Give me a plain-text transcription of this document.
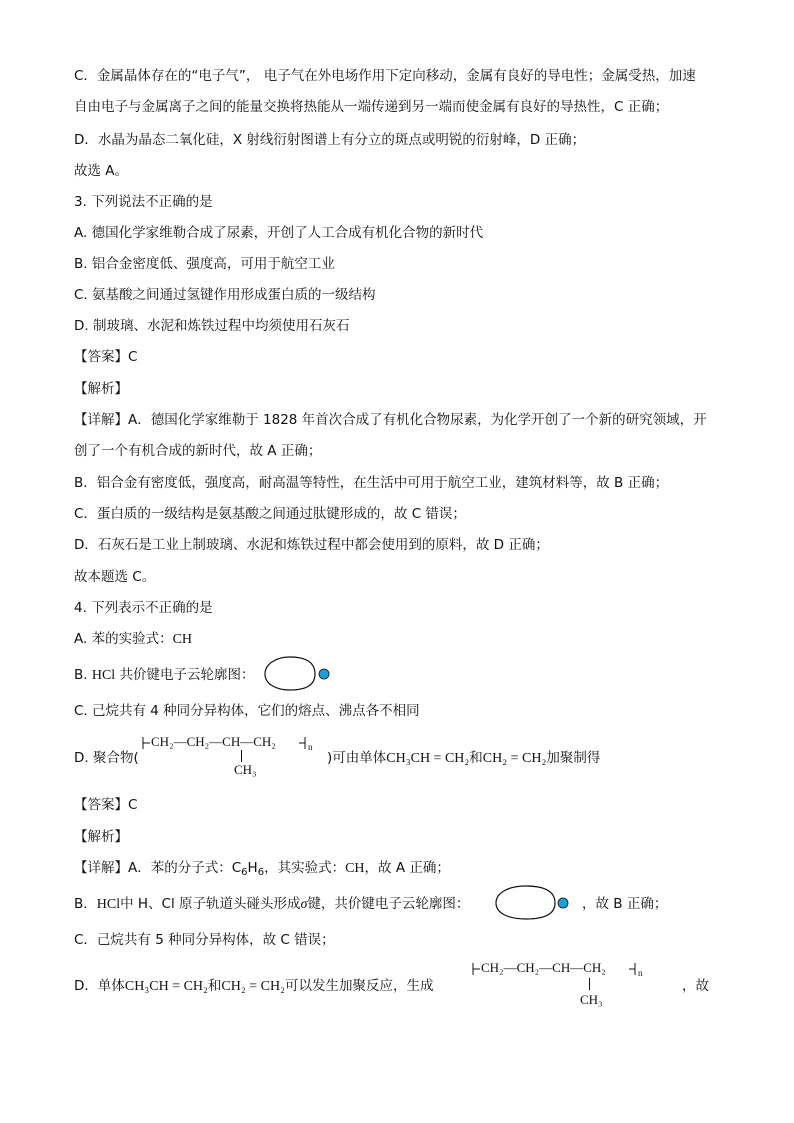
C．金属晶体存在的“电子气”， 电子气在外电场作用下定向移动，金属有良好的导电性；金属受热，加速
自由电子与金属离子之间的能量交换将热能从一端传递到另一端而使金属有良好的导热性，C 正确；
D．水晶为晶态二氧化硅，X 射线衍射图谱上有分立的斑点或明锐的衍射峰，D 正确；
故选 A。
3. 下列说法不正确的是
A. 德国化学家维勒合成了尿素，开创了人工合成有机化合物的新时代
B. 铝合金密度低、强度高，可用于航空工业
C. 氨基酸之间通过氢键作用形成蛋白质的一级结构
D. 制玻璃、水泥和炼铁过程中均须使用石灰石
【答案】C
【解析】
【详解】A．德国化学家维勒于 1828 年首次合成了有机化合物尿素，为化学开创了一个新的研究领域，开
创了一个有机合成的新时代，故 A 正确；
B．铝合金有密度低，强度高，耐高温等特性，在生活中可用于航空工业，建筑材料等，故 B 正确；
C．蛋白质的一级结构是氨基酸之间通过肽键形成的，故 C 错误；
D．石灰石是工业上制玻璃、水泥和炼铁过程中都会使用到的原料，故 D 正确；
故本题选 C。
4. 下列表示不正确的是
A. 苯的实验式：CH
B. HCl 共价键电子云轮廓图：
C. 己烷共有 4 种同分异构体，它们的熔点、沸点各不相同
D. 聚合物(
CH₂—CH₂—CH—CH₂	n
CH₃
)可由单体CH₃CH = CH₂和CH₂ = CH₂加聚制得
【答案】C
【解析】
【详解】A．苯的分子式：$C_6H_6$，其实验式：CH，故 A 正确；
B．HCl中 H、Cl 原子轨道头碰头形成σ键，共价键电子云轮廓图：	，故 B 正确；
C．己烷共有 5 种同分异构体，故 C 错误；
D．单体CH₃CH = CH₂和CH₂ = CH₂可以发生加聚反应，生成
CH₂—CH₂—CH—CH₂	n
CH₃
，故
